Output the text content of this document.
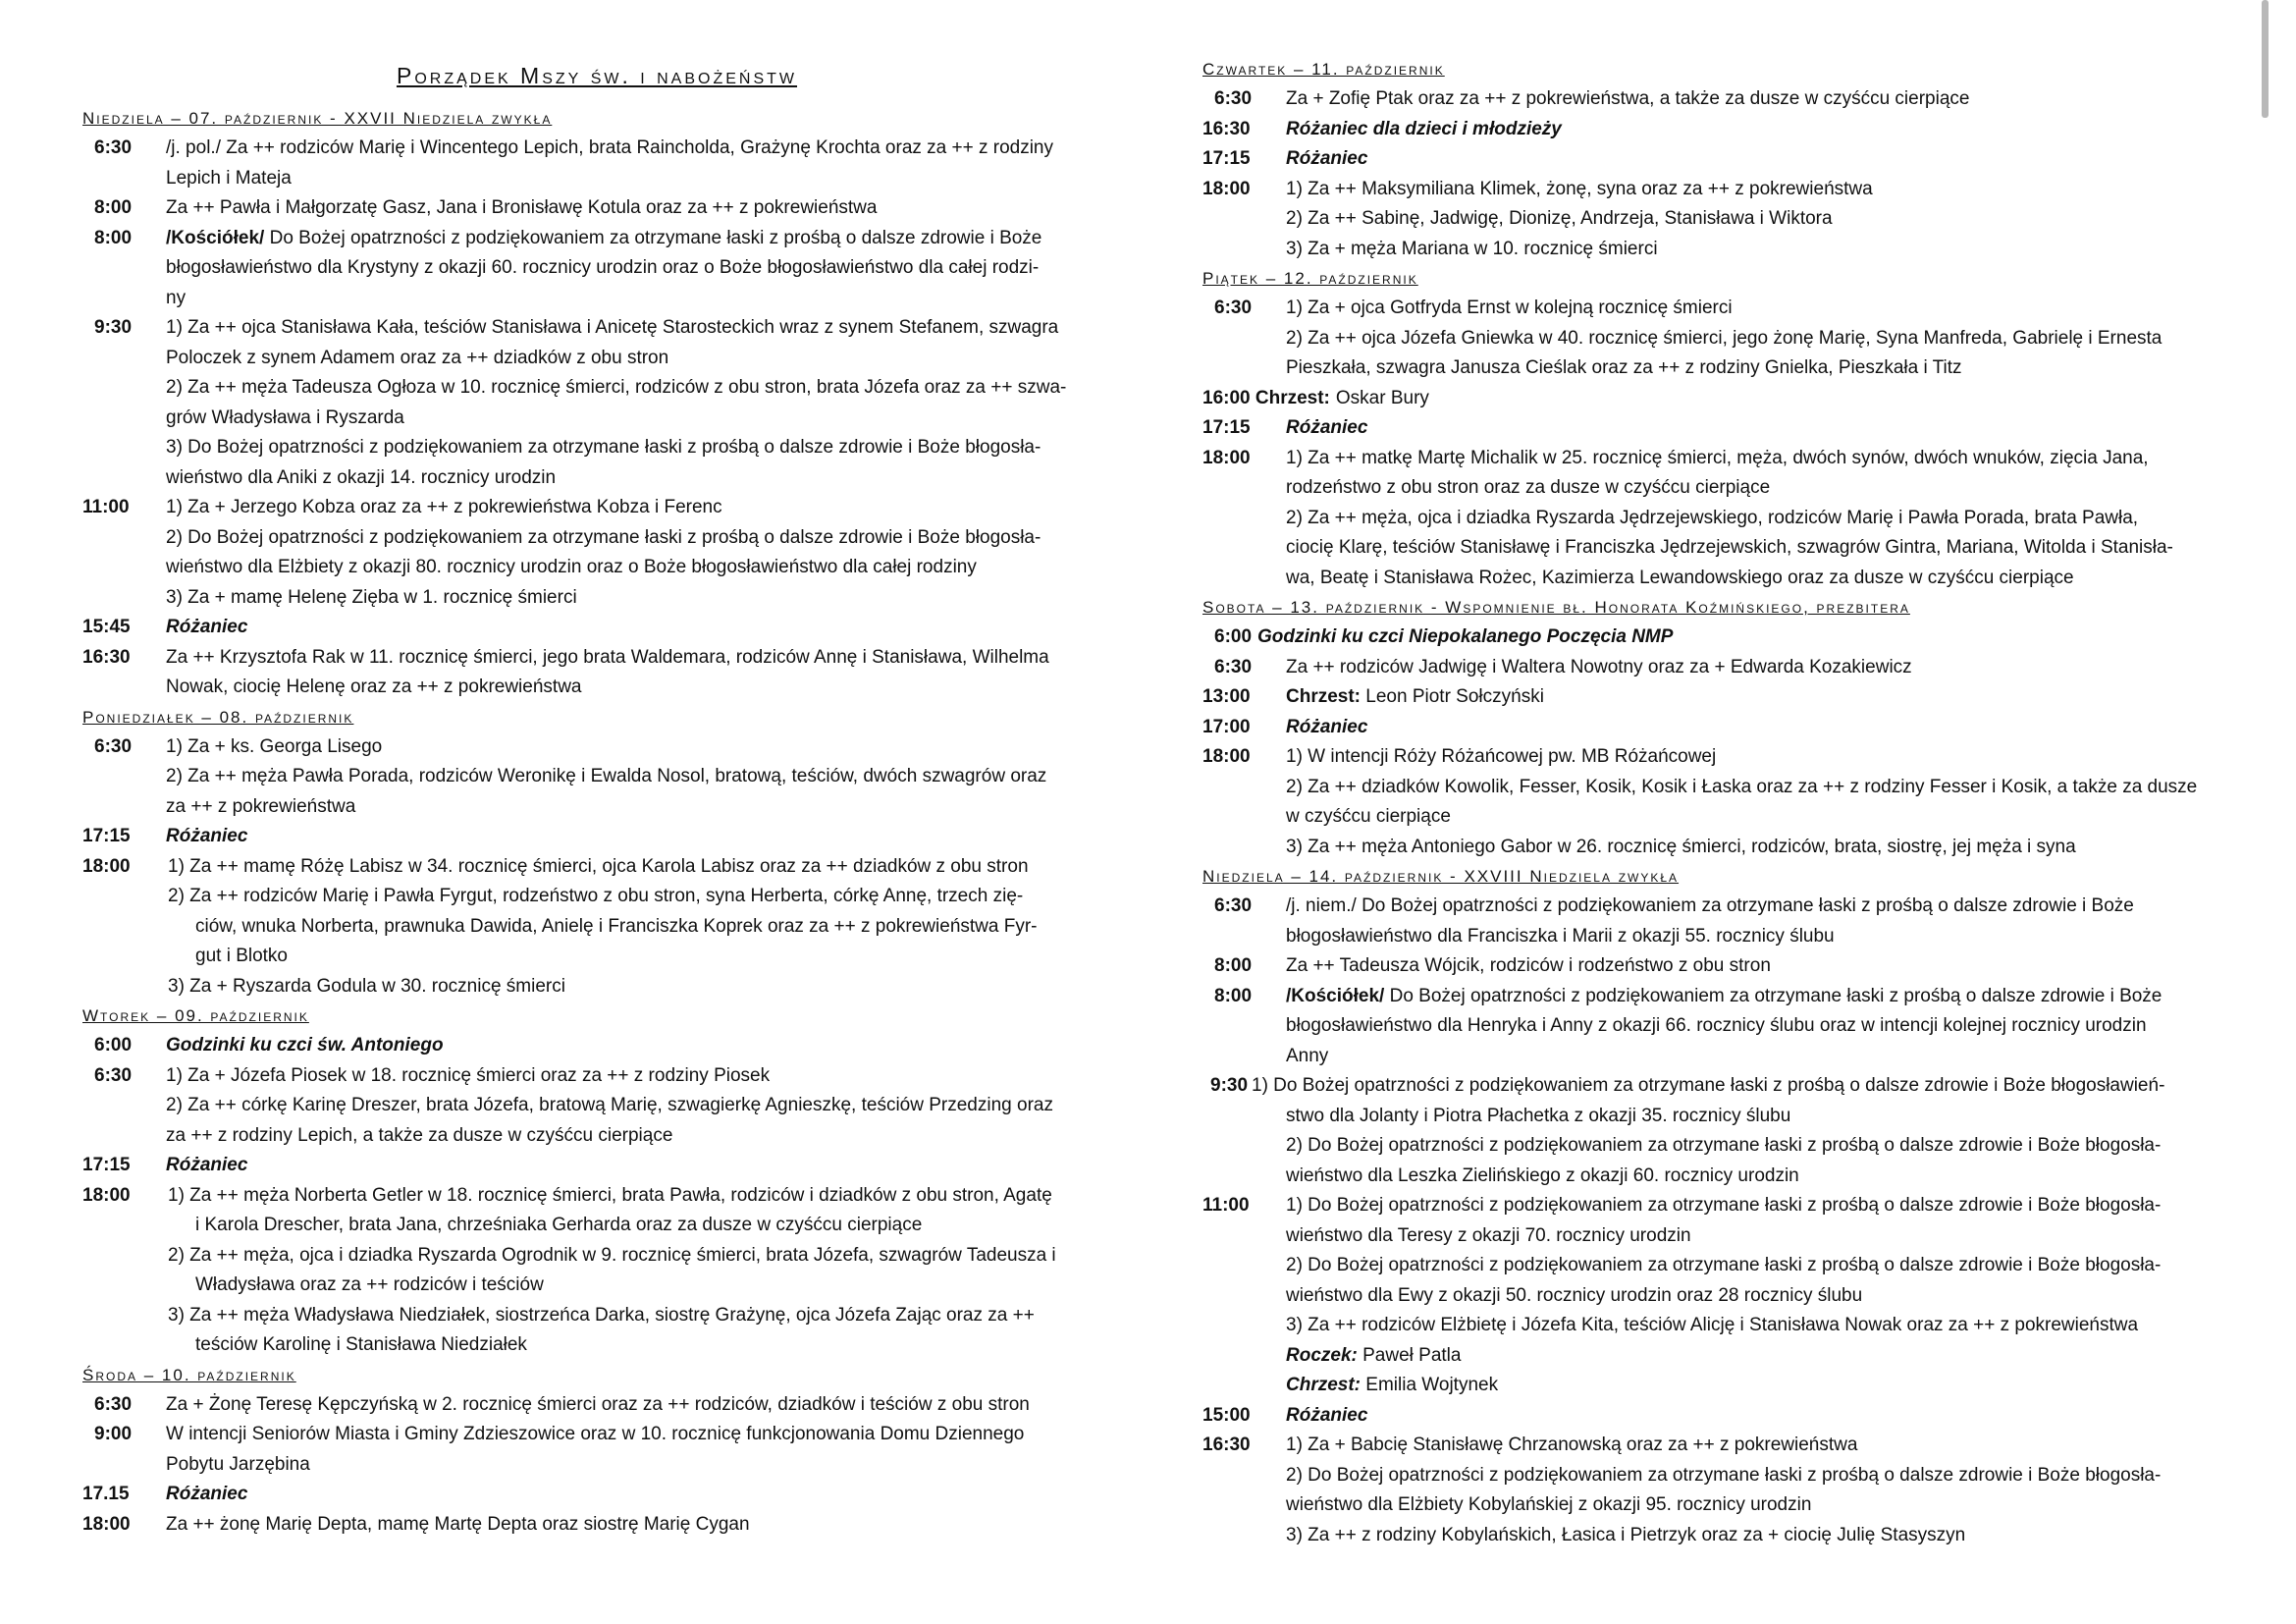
Porządek Mszy św. i nabożeństw
Niedziela – 07. październik - XXVII Niedziela zwykła
6:30	/j. pol./ Za ++ rodziców Marię i Wincentego Lepich, brata Raincholda, Grażynę Krochta oraz za ++ z rodziny
Lepich i Mateja
8:00	Za ++ Pawła i Małgorzatę Gasz, Jana i Bronisławę Kotula oraz za ++ z pokrewieństwa
8:00	/Kościółek/ Do Bożej opatrzności z podziękowaniem za otrzymane łaski z prośbą o dalsze zdrowie i Boże
błogosławieństwo dla Krystyny z okazji 60. rocznicy urodzin oraz o Boże błogosławieństwo dla całej rodzi-
ny
9:30	1) Za ++ ojca Stanisława Kała, teściów Stanisława i Anicetę Starosteckich wraz z synem Stefanem, szwagra
Poloczek z synem Adamem oraz za ++ dziadków z obu stron
2) Za ++ męża Tadeusza Ogłoza w 10. rocznicę śmierci, rodziców z obu stron, brata Józefa oraz za ++ szwa-
grów Władysława i Ryszarda
3) Do Bożej opatrzności z podziękowaniem za otrzymane łaski z prośbą o dalsze zdrowie i Boże błogosła-
wieństwo dla Aniki z okazji 14. rocznicy urodzin
11:00	1) Za + Jerzego Kobza oraz za ++ z pokrewieństwa Kobza i Ferenc
2) Do Bożej opatrzności z podziękowaniem za otrzymane łaski z prośbą o dalsze zdrowie i Boże błogosła-
wieństwo dla Elżbiety z okazji 80. rocznicy urodzin oraz o Boże błogosławieństwo dla całej rodziny
3) Za + mamę Helenę Zięba w 1. rocznicę śmierci
15:45	Różaniec
16:30	Za ++ Krzysztofa Rak w 11. rocznicę śmierci, jego brata Waldemara, rodziców Annę i Stanisława, Wilhelma
Nowak, ciocię Helenę oraz za ++ z pokrewieństwa
Poniedziałek – 08. październik
6:30	1) Za + ks. Georga Lisego
2) Za ++ męża Pawła Porada, rodziców Weronikę i Ewalda Nosol, bratową, teściów, dwóch szwagrów oraz
za ++ z pokrewieństwa
17:15	Różaniec
18:00	1) Za ++ mamę Różę Labisz w 34. rocznicę śmierci, ojca Karola Labisz oraz za ++ dziadków z obu stron
2) Za ++ rodziców Marię i Pawła Fyrgut, rodzeństwo z obu stron, syna Herberta, córkę Annę, trzech zię-
ciów, wnuka Norberta, prawnuka Dawida, Anielę i Franciszka Koprek oraz za ++ z pokrewieństwa Fyr-
gut i Blotko
3) Za + Ryszarda Godula w 30. rocznicę śmierci
Wtorek – 09. październik
6:00	Godzinki ku czci św. Antoniego
6:30	1) Za + Józefa Piosek w 18. rocznicę śmierci oraz za ++ z rodziny Piosek
2) Za ++ córkę Karinę Dreszer, brata Józefa, bratową Marię, szwagierkę Agnieszkę, teściów Przedzing oraz
za ++ z rodziny Lepich, a także za dusze w czyśćcu cierpiące
17:15	Różaniec
18:00	1) Za ++ męża Norberta Getler w 18. rocznicę śmierci, brata Pawła, rodziców i dziadków z obu stron, Agatę
i Karola Drescher, brata Jana, chrześniaka Gerharda oraz za dusze w czyśćcu cierpiące
2) Za ++ męża, ojca i dziadka Ryszarda Ogrodnik w 9. rocznicę śmierci, brata Józefa, szwagrów Tadeusza i
Władysława oraz za ++ rodziców i teściów
3) Za ++ męża Władysława Niedziałek, siostrzeńca Darka, siostrę Grażynę, ojca Józefa Zając oraz za ++
teściów Karolinę i Stanisława Niedziałek
Środa – 10. październik
6:30	Za + Żonę Teresę Kępczyńską w 2. rocznicę śmierci oraz za ++ rodziców, dziadków i teściów z obu stron
9:00	W intencji Seniorów Miasta i Gminy Zdzieszowice oraz w 10. rocznicę funkcjonowania Domu Dziennego
Pobytu Jarzębina
17.15	Różaniec
18:00	Za ++ żonę Marię Depta, mamę Martę Depta oraz siostrę Marię Cygan
Czwartek – 11. październik
6:30	Za + Zofię Ptak oraz za ++ z pokrewieństwa, a także za dusze w czyśćcu cierpiące
16:30	Różaniec dla dzieci i młodzieży
17:15	Różaniec
18:00	1) Za ++ Maksymiliana Klimek, żonę, syna oraz za ++ z pokrewieństwa
2) Za ++ Sabinę, Jadwigę, Dionizę, Andrzeja, Stanisława i Wiktora
3) Za + męża Mariana w 10. rocznicę śmierci
Piątek – 12. październik
6:30	1) Za + ojca Gotfryda Ernst w kolejną rocznicę śmierci
2) Za ++ ojca Józefa Gniewka w 40. rocznicę śmierci, jego żonę Marię, Syna Manfreda, Gabrielę i Ernesta
Pieszkała, szwagra Janusza Cieślak oraz za ++ z rodziny Gnielka, Pieszkała i Titz
16:00 Chrzest: Oskar Bury
17:15	Różaniec
18:00	1) Za ++ matkę Martę Michalik w 25. rocznicę śmierci, męża, dwóch synów, dwóch wnuków, zięcia Jana,
rodzeństwo z obu stron oraz za dusze w czyśćcu cierpiące
2) Za ++ męża, ojca i dziadka Ryszarda Jędrzejewskiego, rodziców Marię i Pawła Porada, brata Pawła,
ciocię Klarę, teściów Stanisławę i Franciszka Jędrzejewskich, szwagrów Gintra, Mariana, Witolda i Stanisła-
wa, Beatę i Stanisława Rożec, Kazimierza Lewandowskiego oraz za dusze w czyśćcu cierpiące
Sobota – 13. październik - Wspomnienie bł. Honorata Koźmińskiego, prezbitera
6:00 Godzinki ku czci Niepokalanego Poczęcia NMP
6:30	Za ++ rodziców Jadwigę i Waltera Nowotny oraz za + Edwarda Kozakiewicz
13:00	Chrzest: Leon Piotr Sołczyński
17:00	Różaniec
18:00	1) W intencji Róży Różańcowej pw. MB Różańcowej
2) Za ++ dziadków Kowolik, Fesser, Kosik, Kosik i Łaska oraz za ++ z rodziny Fesser i Kosik, a także za dusze
w czyśćcu cierpiące
3) Za ++ męża Antoniego Gabor w 26. rocznicę śmierci, rodziców, brata, siostrę, jej męża i syna
Niedziela – 14. październik - XXVIII Niedziela zwykła
6:30	/j. niem./ Do Bożej opatrzności z podziękowaniem za otrzymane łaski z prośbą o dalsze zdrowie i Boże
błogosławieństwo dla Franciszka i Marii z okazji 55. rocznicy ślubu
8:00	Za ++ Tadeusza Wójcik, rodziców i rodzeństwo z obu stron
8:00	/Kościółek/ Do Bożej opatrzności z podziękowaniem za otrzymane łaski z prośbą o dalsze zdrowie i Boże
błogosławieństwo dla Henryka i Anny z okazji 66. rocznicy ślubu oraz w intencji kolejnej rocznicy urodzin
Anny
9:30 1) Do Bożej opatrzności z podziękowaniem za otrzymane łaski z prośbą o dalsze zdrowie i Boże błogosławień-
stwo dla Jolanty i Piotra Płachetka z okazji 35. rocznicy ślubu
2) Do Bożej opatrzności z podziękowaniem za otrzymane łaski z prośbą o dalsze zdrowie i Boże błogosła-
wieństwo dla Leszka Zielińskiego z okazji 60. rocznicy urodzin
11:00	1) Do Bożej opatrzności z podziękowaniem za otrzymane łaski z prośbą o dalsze zdrowie i Boże błogosła-
wieństwo dla Teresy z okazji 70. rocznicy urodzin
2) Do Bożej opatrzności z podziękowaniem za otrzymane łaski z prośbą o dalsze zdrowie i Boże błogosła-
wieństwo dla Ewy z okazji 50. rocznicy urodzin oraz 28 rocznicy ślubu
3) Za ++ rodziców Elżbietę i Józefa Kita, teściów Alicję i Stanisława Nowak oraz za ++ z pokrewieństwa
Roczek: Paweł Patla
Chrzest: Emilia Wojtynek
15:00	Różaniec
16:30	1) Za + Babcię Stanisławę Chrzanowską oraz za ++ z pokrewieństwa
2) Do Bożej opatrzności z podziękowaniem za otrzymane łaski z prośbą o dalsze zdrowie i Boże błogosła-
wieństwo dla Elżbiety Kobylańskiej z okazji 95. rocznicy urodzin
3) Za ++ z rodziny Kobylańskich, Łasica i Pietrzyk oraz za + ciocię Julię Stasyszyn
